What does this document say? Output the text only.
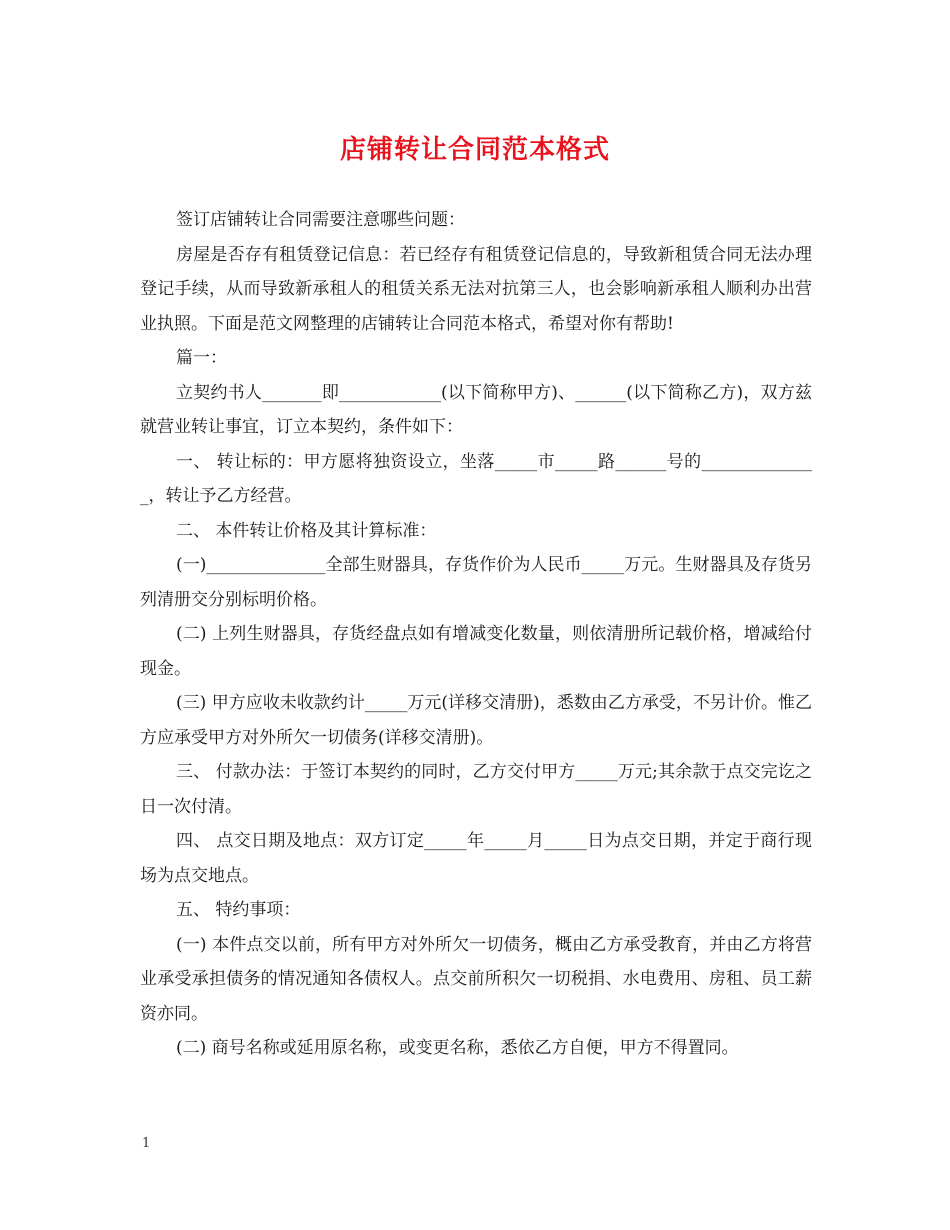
店铺转让合同范本格式

签订店铺转让合同需要注意哪些问题：

房屋是否存有租赁登记信息：若已经存有租赁登记信息的，导致新租赁合同无法办理登记手续，从而导致新承租人的租赁关系无法对抗第三人，也会影响新承租人顺利办出营业执照。下面是范文网整理的店铺转让合同范本格式，希望对你有帮助!

篇一：

立契约书人_______即____________(以下简称甲方)、______(以下简称乙方)，双方兹就营业转让事宜，订立本契约，条件如下：

一、 转让标的：甲方愿将独资设立，坐落_____市_____路______号的______________，转让予乙方经营。

二、 本件转让价格及其计算标准：

(一)______________全部生财器具，存货作价为人民币_____万元。生财器具及存货另列清册交分别标明价格。

(二) 上列生财器具，存货经盘点如有增减变化数量，则依清册所记载价格，增减给付现金。

(三) 甲方应收未收款约计_____万元(详移交清册)，悉数由乙方承受，不另计价。惟乙方应承受甲方对外所欠一切债务(详移交清册)。

三、 付款办法：于签订本契约的同时，乙方交付甲方_____万元;其余款于点交完讫之日一次付清。

四、 点交日期及地点：双方订定_____年_____月_____日为点交日期，并定于商行现场为点交地点。

五、 特约事项：

(一) 本件点交以前，所有甲方对外所欠一切债务，概由乙方承受教育，并由乙方将营业承受承担债务的情况通知各债权人。点交前所积欠一切税捐、水电费用、房租、员工薪资亦同。

(二) 商号名称或延用原名称，或变更名称，悉依乙方自便，甲方不得置同。

1
